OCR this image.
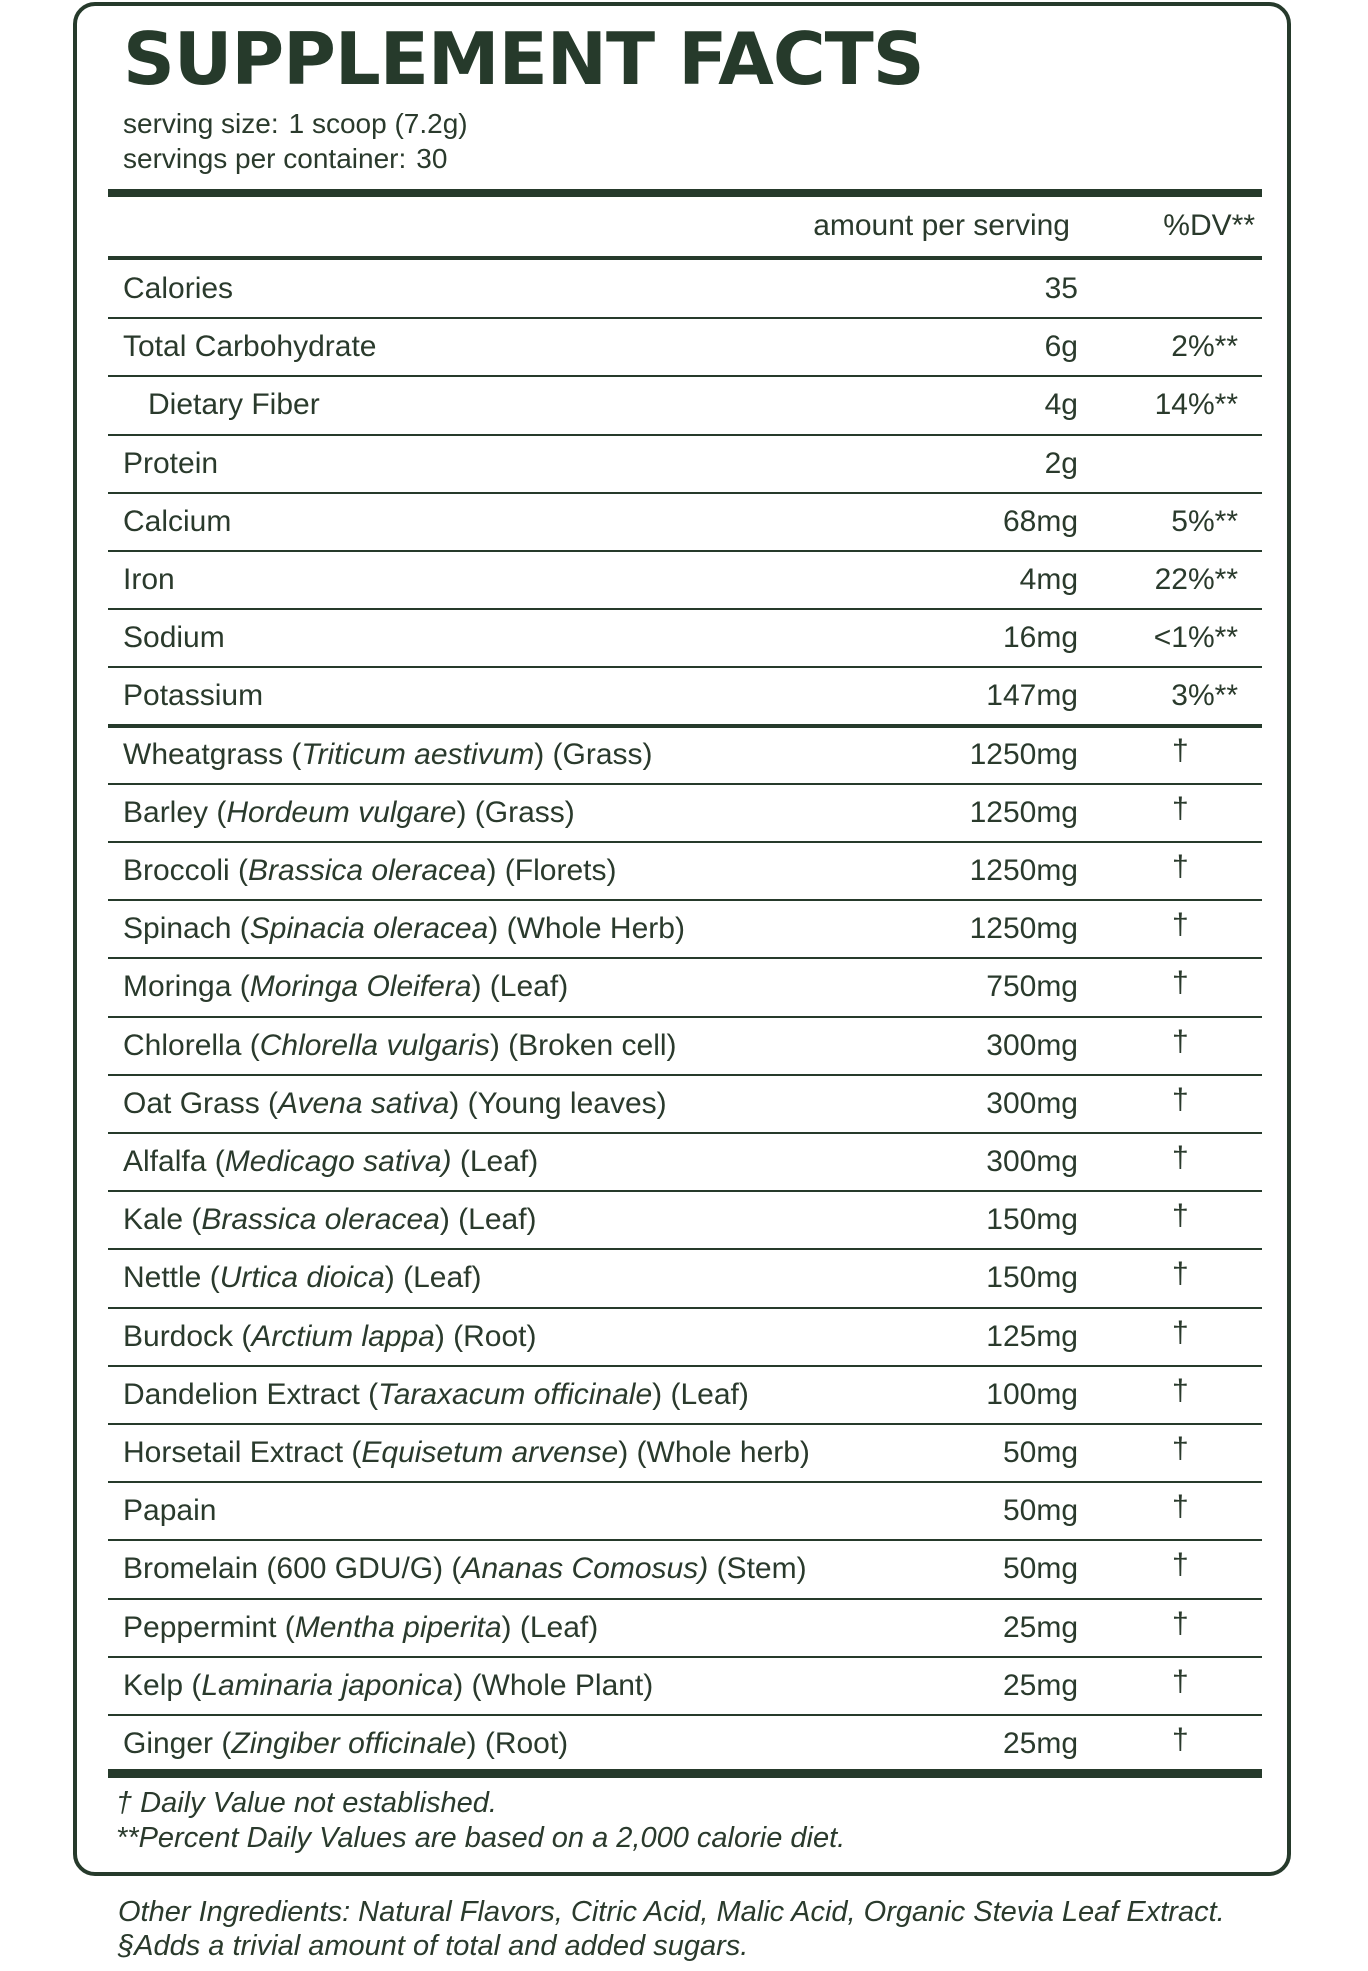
SUPPLEMENT FACTS
serving size: 1 scoop (7.2g)
servings per container: 30
amount per serving	%DV**
Calories	35
Total Carbohydrate	6g	2%**
Dietary Fiber	4g	14%**
Protein	2g
Calcium	68mg	5%**
Iron	4mg	22%**
Sodium	16mg	<1%**
Potassium	147mg	3%**
Wheatgrass (Triticum aestivum) (Grass)	1250mg	†
Barley (Hordeum vulgare) (Grass)	1250mg	†
Broccoli (Brassica oleracea) (Florets)	1250mg	†
Spinach (Spinacia oleracea) (Whole Herb)	1250mg	†
Moringa (Moringa Oleifera) (Leaf)	750mg	†
Chlorella (Chlorella vulgaris) (Broken cell)	300mg	†
Oat Grass (Avena sativa) (Young leaves)	300mg	†
Alfalfa (Medicago sativa) (Leaf)	300mg	†
Kale (Brassica oleracea) (Leaf)	150mg	†
Nettle (Urtica dioica) (Leaf)	150mg	†
Burdock (Arctium lappa) (Root)	125mg	†
Dandelion Extract (Taraxacum officinale) (Leaf)	100mg	†
Horsetail Extract (Equisetum arvense) (Whole herb)	50mg	†
Papain	50mg	†
Bromelain (600 GDU/G) (Ananas Comosus) (Stem)	50mg	†
Peppermint (Mentha piperita) (Leaf)	25mg	†
Kelp (Laminaria japonica) (Whole Plant)	25mg	†
Ginger (Zingiber officinale) (Root)	25mg	†
† Daily Value not established.
**Percent Daily Values are based on a 2,000 calorie diet.
Other Ingredients: Natural Flavors, Citric Acid, Malic Acid, Organic Stevia Leaf Extract.
§Adds a trivial amount of total and added sugars.
